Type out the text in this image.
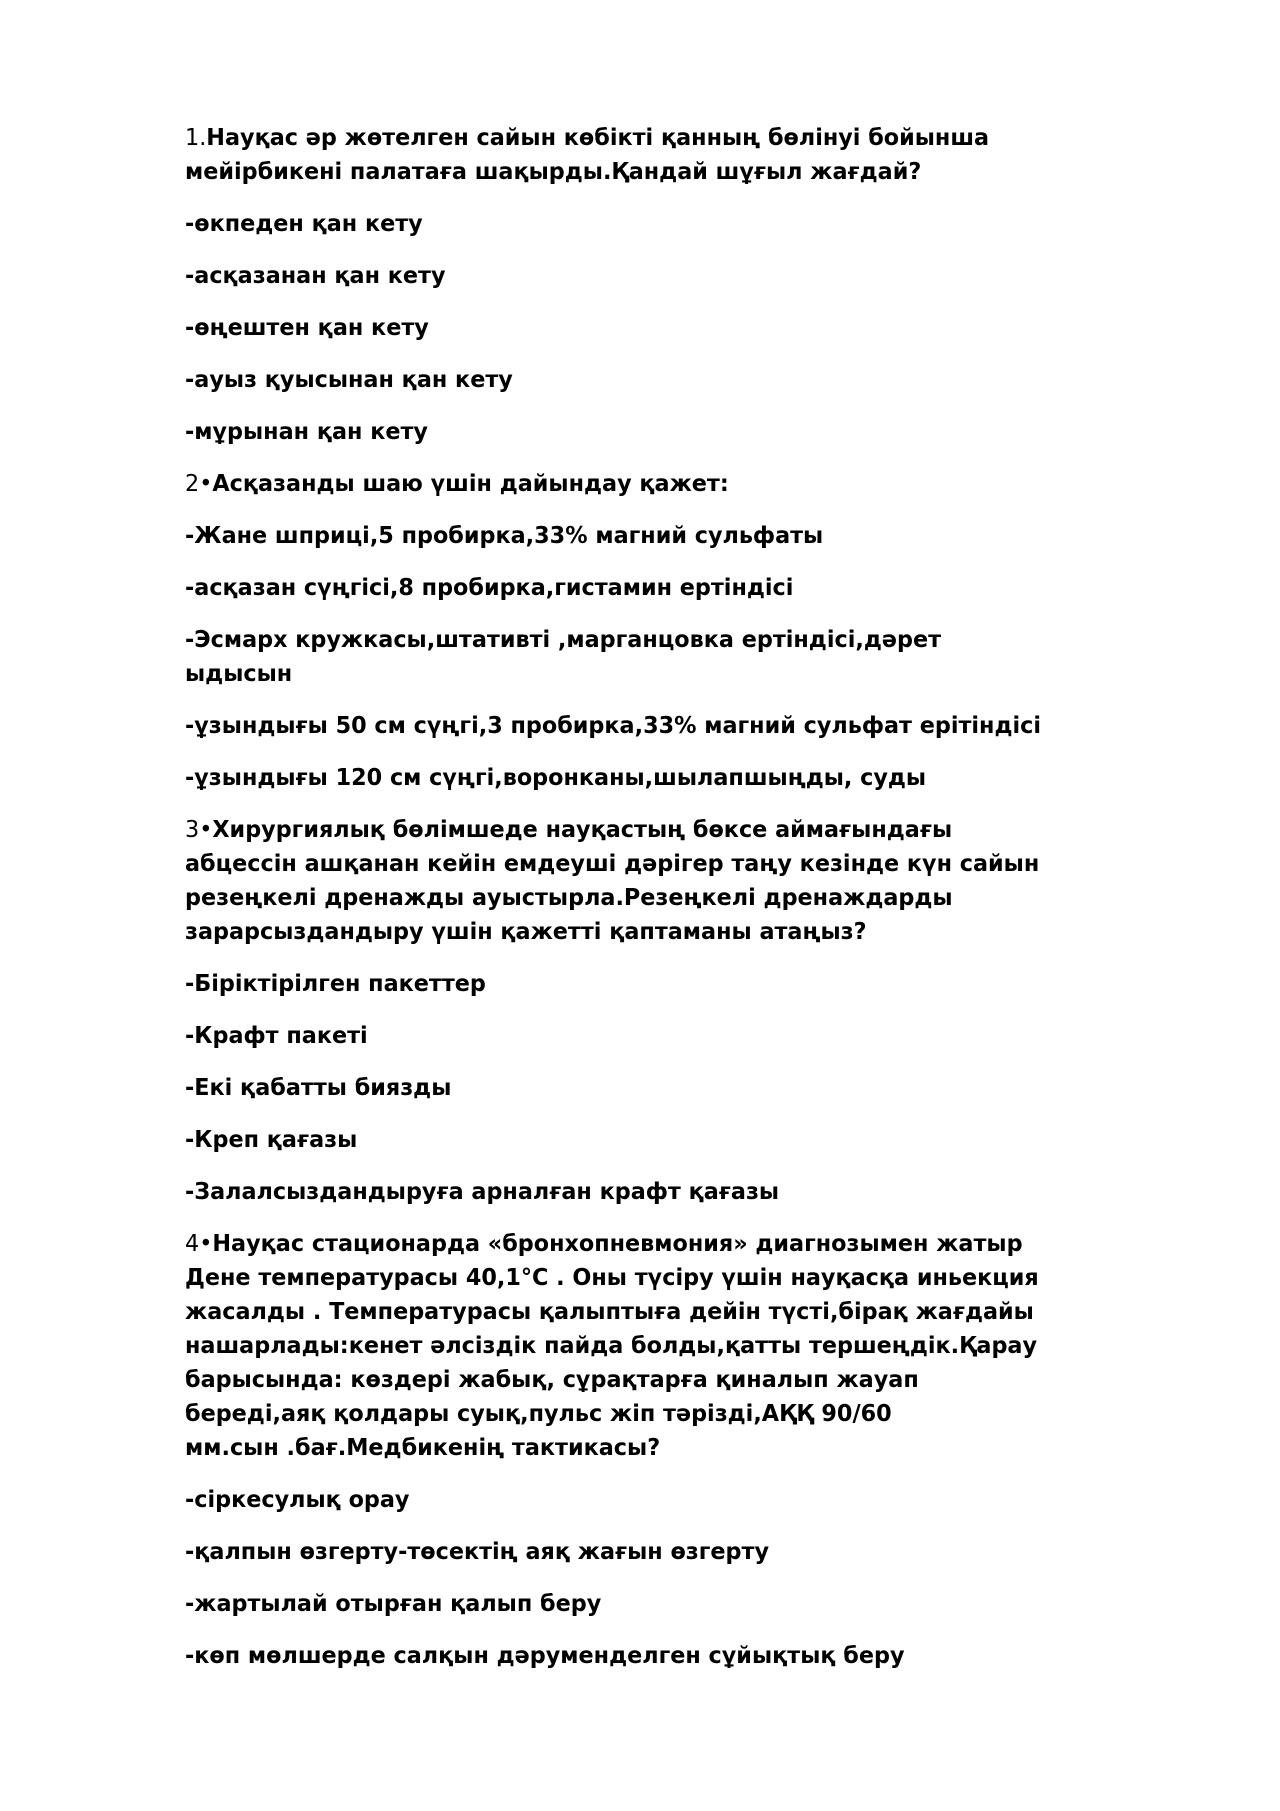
1.Науқас әр жөтелген сайын көбікті қанның бөлінуі бойынша
мейірбикені палатаға шақырды.Қандай шұғыл жағдай?
-өкпеден қан кету
-асқазанан қан кету
-өңештен қан кету
-ауыз қуысынан қан кету
-мұрынан қан кету
2•Асқазанды шаю үшін дайындау қажет:
-Жане шприці,5 пробирка,33% магний сульфаты
-асқазан сүңгісі,8 пробирка,гистамин ертіндісі
-Эсмарх кружкасы,штативті ,марганцовка ертіндісі,дәрет
ыдысын
-ұзындығы 50 см сүңгі,3 пробирка,33% магний сульфат ерітіндісі
-ұзындығы 120 см сүңгі,воронканы,шылапшыңды, суды
3•Хирургиялық бөлімшеде науқастың бөксе аймағындағы
абцессін ашқанан кейін емдеуші дәрігер таңу кезінде күн сайын
резеңкелі дренажды ауыстырла.Резеңкелі дренаждарды
зарарсыздандыру үшін қажетті қаптаманы атаңыз?
-Біріктірілген пакеттер
-Крафт пакеті
-Екі қабатты биязды
-Креп қағазы
-Залалсыздандыруға арналған крафт қағазы
4•Науқас стационарда «бронхопневмония» диагнозымен жатыр
Дене температурасы 40,1°С . Оны түсіру үшін науқасқа иньекция
жасалды . Температурасы қалыптыға дейін түсті,бірақ жағдайы
нашарлады:кенет әлсіздік пайда болды,қатты тершеңдік.Қарау
барысында: көздері жабық, сұрақтарға қиналып жауап
береді,аяқ қолдары суық,пульс жіп тәрізді,АҚҚ 90/60
мм.сын .бағ.Медбикенің тактикасы?
-сіркесулық орау
-қалпын өзгерту-төсектің аяқ жағын өзгерту
-жартылай отырған қалып беру
-көп мөлшерде салқын дәруменделген сұйықтық беру
